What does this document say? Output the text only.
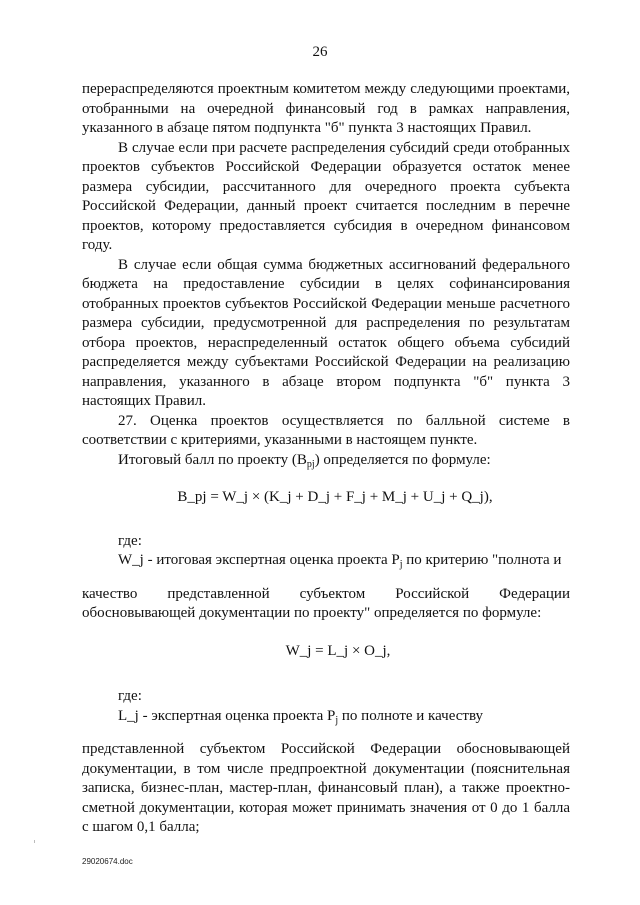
26

перераспределяются проектным комитетом между следующими проектами, отобранными на очередной финансовый год в рамках направления, указанного в абзаце пятом подпункта "б" пункта 3 настоящих Правил.

В случае если при расчете распределения субсидий среди отобранных проектов субъектов Российской Федерации образуется остаток менее размера субсидии, рассчитанного для очередного проекта субъекта Российской Федерации, данный проект считается последним в перечне проектов, которому предоставляется субсидия в очередном финансовом году.

В случае если общая сумма бюджетных ассигнований федерального бюджета на предоставление субсидии в целях софинансирования отобранных проектов субъектов Российской Федерации меньше расчетного размера субсидии, предусмотренной для распределения по результатам отбора проектов, нераспределенный остаток общего объема субсидий распределяется между субъектами Российской Федерации на реализацию направления, указанного в абзаце втором подпункта "б" пункта 3 настоящих Правил.

27. Оценка проектов осуществляется по балльной системе в соответствии с критериями, указанными в настоящем пункте.

Итоговый балл по проекту $(B_{pj})$ определяется по формуле:

B_pj = W_j × (K_j + D_j + F_j + M_j + U_j + Q_j),

где:

W_j - итоговая экспертная оценка проекта $P_j$ по критерию "полнота и

качество представленной субъектом Российской Федерации обосновывающей документации по проекту" определяется по формуле:

W_j = L_j × O_j,

где:

L_j - экспертная оценка проекта $P_j$ по полноте и качеству

представленной субъектом Российской Федерации обосновывающей документации, в том числе предпроектной документации (пояснительная записка, бизнес-план, мастер-план, финансовый план), а также проектно-сметной документации, которая может принимать значения от 0 до 1 балла с шагом 0,1 балла;

29020674.doc
